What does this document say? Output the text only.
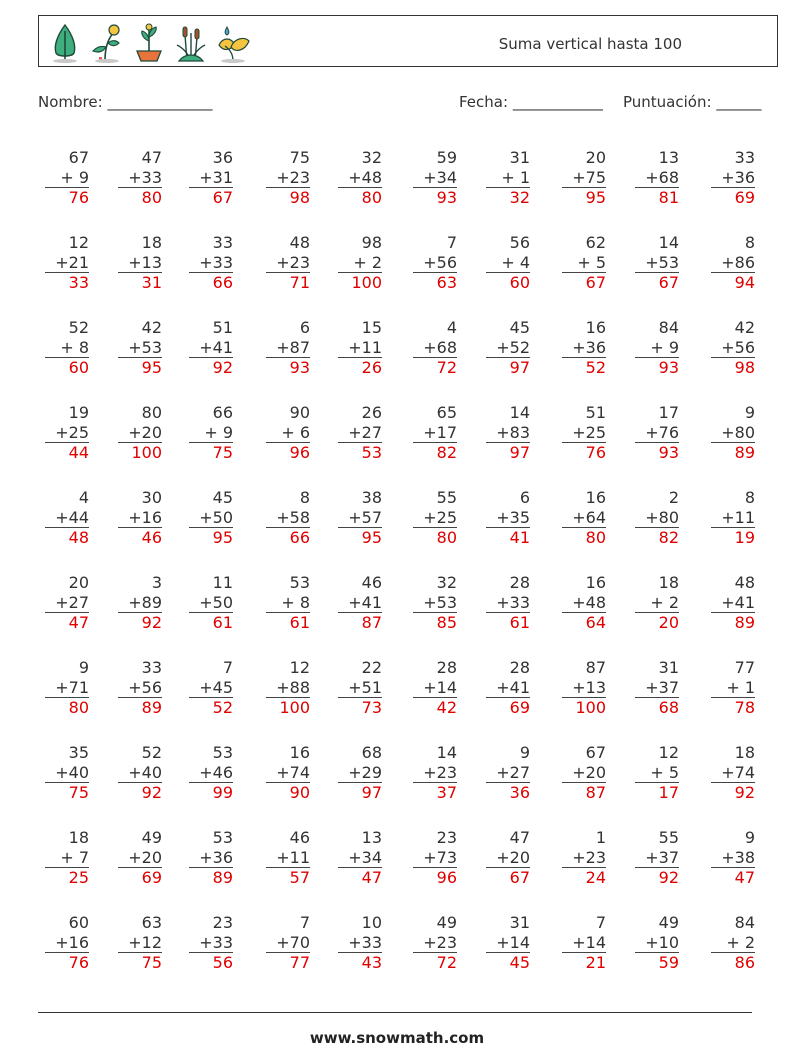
Suma vertical hasta 100
Nombre: ______________	Fecha: ____________ Puntuación: ______
67
+ 9
76
47
+33
80
36
+31
67
75
+23
98
32
+48
80
59
+34
93
31
+ 1
32
20
+75
95
13
+68
81
33
+36
69
12
+21
33
18
+13
31
33
+33
66
48
+23
71
98
+ 2
100
7
+56
63
56
+ 4
60
62
+ 5
67
14
+53
67
8
+86
94
52
+ 8
60
42
+53
95
51
+41
92
6
+87
93
15
+11
26
4
+68
72
45
+52
97
16
+36
52
84
+ 9
93
42
+56
98
19
+25
44
80
+20
100
66
+ 9
75
90
+ 6
96
26
+27
53
65
+17
82
14
+83
97
51
+25
76
17
+76
93
9
+80
89
4
+44
48
30
+16
46
45
+50
95
8
+58
66
38
+57
95
55
+25
80
6
+35
41
16
+64
80
2
+80
82
8
+11
19
20
+27
47
3
+89
92
11
+50
61
53
+ 8
61
46
+41
87
32
+53
85
28
+33
61
16
+48
64
18
+ 2
20
48
+41
89
9
+71
80
33
+56
89
7
+45
52
12
+88
100
22
+51
73
28
+14
42
28
+41
69
87
+13
100
31
+37
68
77
+ 1
78
35
+40
75
52
+40
92
53
+46
99
16
+74
90
68
+29
97
14
+23
37
9
+27
36
67
+20
87
12
+ 5
17
18
+74
92
18
+ 7
25
49
+20
69
53
+36
89
46
+11
57
13
+34
47
23
+73
96
47
+20
67
1
+23
24
55
+37
92
9
+38
47
60
+16
76
63
+12
75
23
+33
56
7
+70
77
10
+33
43
49
+23
72
31
+14
45
7
+14
21
49
+10
59
84
+ 2
86
www.snowmath.com
